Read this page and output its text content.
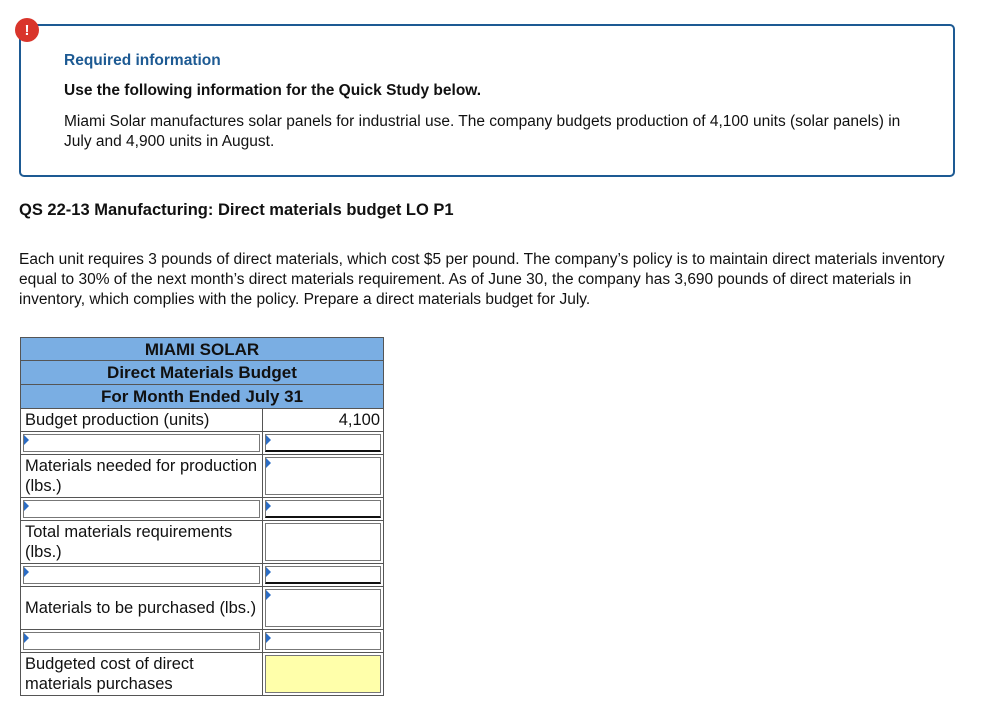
!
Required information
Use the following information for the Quick Study below.
Miami Solar manufactures solar panels for industrial use. The company budgets production of 4,100 units (solar panels) in July and 4,900 units in August.
QS 22-13 Manufacturing: Direct materials budget LO P1
Each unit requires 3 pounds of direct materials, which cost $5 per pound. The company’s policy is to maintain direct materials inventory equal to 30% of the next month’s direct materials requirement. As of June 30, the company has 3,690 pounds of direct materials in inventory, which complies with the policy. Prepare a direct materials budget for July.
MIAMI SOLAR
Direct Materials Budget
For Month Ended July 31
Budget production (units)	4,100
Materials needed for production (lbs.)
Total materials requirements (lbs.)
Materials to be purchased (lbs.)
Budgeted cost of direct materials purchases
